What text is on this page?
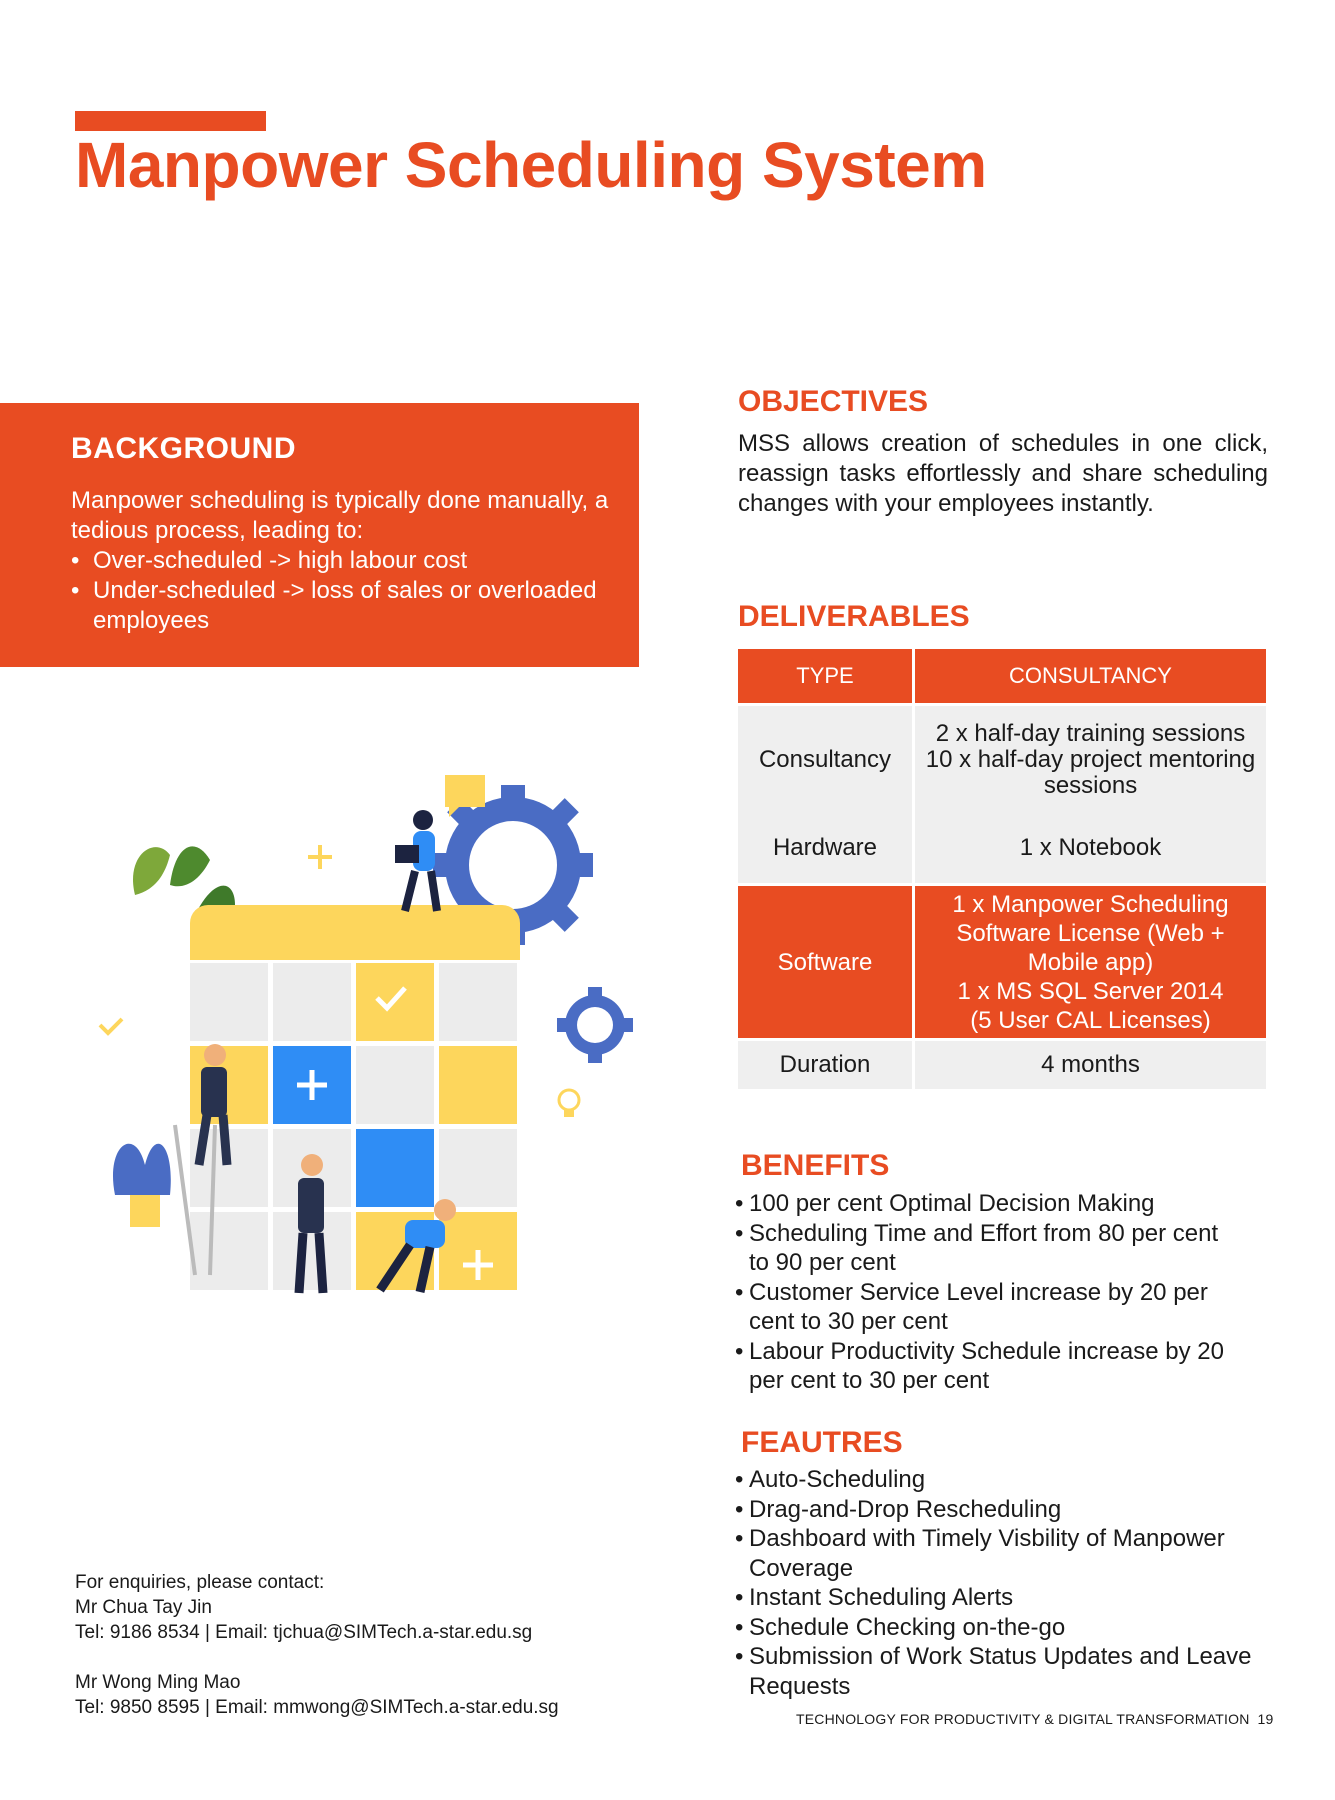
Manpower Scheduling System
BACKGROUND

Manpower scheduling is typically done manually, a tedious process, leading to:

• Over-scheduled -> high labour cost
• Under-scheduled -> loss of sales or overloaded employees
OBJECTIVES

MSS allows creation of schedules in one click, reassign tasks effortlessly and share scheduling changes with your employees instantly.

DELIVERABLES
TYPE	CONSULTANCY

Consultancy	2 x half-day training sessions
10 x half-day project mentoring
sessions

Hardware	1 x Notebook

Software	1 x Manpower Scheduling
Software License (Web +
Mobile app)
1 x MS SQL Server 2014
(5 User CAL Licenses)

Duration	4 months
BENEFITS
• 100 per cent Optimal Decision Making
• Scheduling Time and Effort from 80 per cent to 90 per cent
• Customer Service Level increase by 20 per cent to 30 per cent
• Labour Productivity Schedule increase by 20 per cent to 30 per cent
FEAUTRES
• Auto-Scheduling
• Drag-and-Drop Rescheduling
• Dashboard with Timely Visbility of Manpower Coverage
• Instant Scheduling Alerts
• Schedule Checking on-the-go
• Submission of Work Status Updates and Leave Requests
For enquiries, please contact:
Mr Chua Tay Jin
Tel: 9186 8534 | Email: tjchua@SIMTech.a-star.edu.sg
Mr Wong Ming Mao
Tel: 9850 8595 | Email: mmwong@SIMTech.a-star.edu.sg
TECHNOLOGY FOR PRODUCTIVITY & DIGITAL TRANSFORMATION 19
